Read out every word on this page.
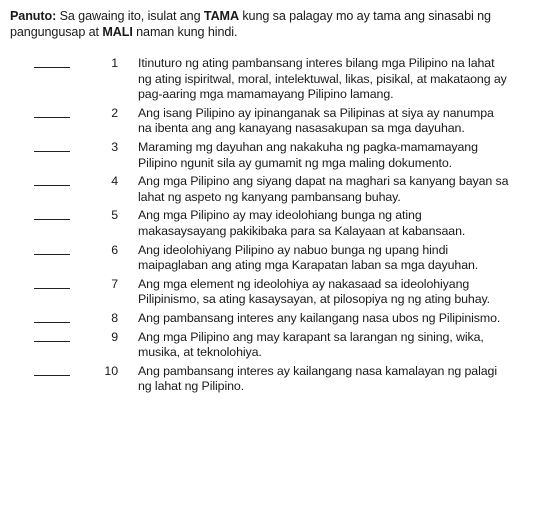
Panuto: Sa gawaing ito, isulat ang TAMA kung sa palagay mo ay tama ang sinasabi ng pangungusap at MALI naman kung hindi.

1 Itinuturo ng ating pambansang interes bilang mga Pilipino na lahat ng ating ispiritwal, moral, intelektuwal, likas, pisikal, at makataong ay pag-aaring mga mamamayang Pilipino lamang.
2 Ang isang Pilipino ay ipinanganak sa Pilipinas at siya ay nanumpa na ibenta ang ang kanayang nasasakupan sa mga dayuhan.
3 Maraming mg dayuhan ang nakakuha ng pagka-mamamayang Pilipino ngunit sila ay gumamit ng mga maling dokumento.
4 Ang mga Pilipino ang siyang dapat na maghari sa kanyang bayan sa lahat ng aspeto ng kanyang pambansang buhay.
5 Ang mga Pilipino ay may ideolohiang bunga ng ating makasaysayang pakikibaka para sa Kalayaan at kabansaan.
6 Ang ideolohiyang Pilipino ay nabuo bunga ng upang hindi maipaglaban ang ating mga Karapatan laban sa mga dayuhan.
7 Ang mga element ng ideolohiya ay nakasaad sa ideolohiyang Pilipinismo, sa ating kasaysayan, at pilosopiya ng ng ating buhay.
8 Ang pambansang interes any kailangang nasa ubos ng Pilipinismo.
9 Ang mga Pilipino ang may karapant sa larangan ng sining, wika, musika, at teknolohiya.
10 Ang pambansang interes ay kailangang nasa kamalayan ng palagi ng lahat ng Pilipino.
